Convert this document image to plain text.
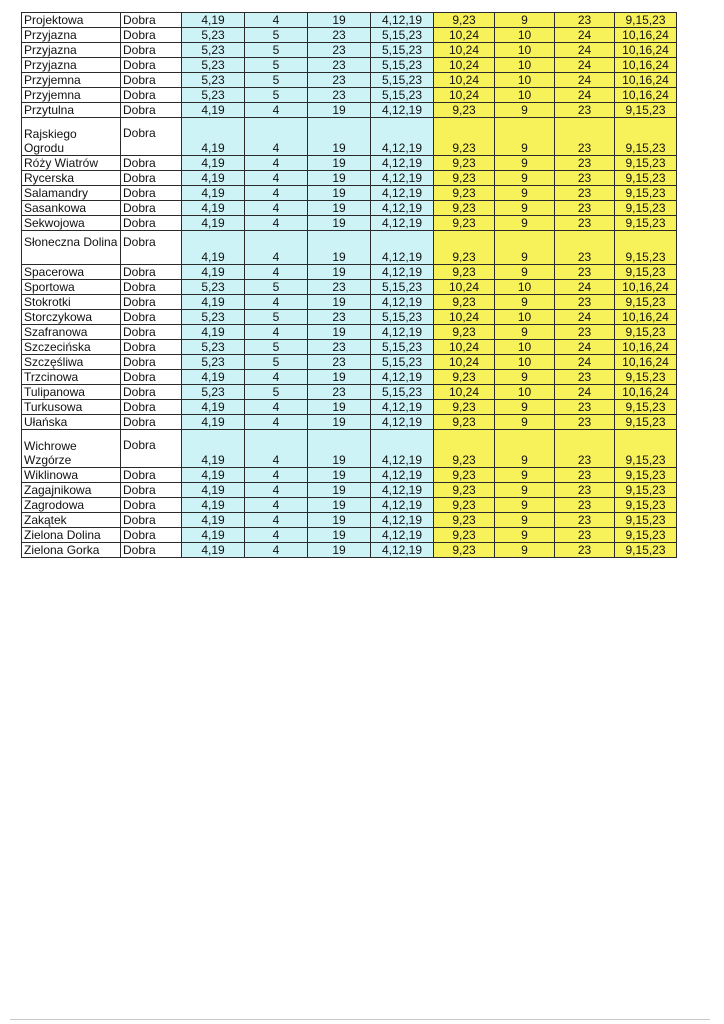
Projektowa	Dobra	4,19	4	19	4,12,19	9,23	9	23	9,15,23
Przyjazna	Dobra	5,23	5	23	5,15,23	10,24	10	24	10,16,24
Przyjazna	Dobra	5,23	5	23	5,15,23	10,24	10	24	10,16,24
Przyjazna	Dobra	5,23	5	23	5,15,23	10,24	10	24	10,16,24
Przyjemna	Dobra	5,23	5	23	5,15,23	10,24	10	24	10,16,24
Przyjemna	Dobra	5,23	5	23	5,15,23	10,24	10	24	10,16,24
Przytulna	Dobra	4,19	4	19	4,12,19	9,23	9	23	9,15,23
Rajskiego Ogrodu	Dobra	4,19	4	19	4,12,19	9,23	9	23	9,15,23
Róży Wiatrów	Dobra	4,19	4	19	4,12,19	9,23	9	23	9,15,23
Rycerska	Dobra	4,19	4	19	4,12,19	9,23	9	23	9,15,23
Salamandry	Dobra	4,19	4	19	4,12,19	9,23	9	23	9,15,23
Sasankowa	Dobra	4,19	4	19	4,12,19	9,23	9	23	9,15,23
Sekwojowa	Dobra	4,19	4	19	4,12,19	9,23	9	23	9,15,23
Słoneczna Dolina	Dobra	4,19	4	19	4,12,19	9,23	9	23	9,15,23
Spacerowa	Dobra	4,19	4	19	4,12,19	9,23	9	23	9,15,23
Sportowa	Dobra	5,23	5	23	5,15,23	10,24	10	24	10,16,24
Stokrotki	Dobra	4,19	4	19	4,12,19	9,23	9	23	9,15,23
Storczykowa	Dobra	5,23	5	23	5,15,23	10,24	10	24	10,16,24
Szafranowa	Dobra	4,19	4	19	4,12,19	9,23	9	23	9,15,23
Szczecińska	Dobra	5,23	5	23	5,15,23	10,24	10	24	10,16,24
Szczęśliwa	Dobra	5,23	5	23	5,15,23	10,24	10	24	10,16,24
Trzcinowa	Dobra	4,19	4	19	4,12,19	9,23	9	23	9,15,23
Tulipanowa	Dobra	5,23	5	23	5,15,23	10,24	10	24	10,16,24
Turkusowa	Dobra	4,19	4	19	4,12,19	9,23	9	23	9,15,23
Ułańska	Dobra	4,19	4	19	4,12,19	9,23	9	23	9,15,23
Wichrowe Wzgórze	Dobra	4,19	4	19	4,12,19	9,23	9	23	9,15,23
Wiklinowa	Dobra	4,19	4	19	4,12,19	9,23	9	23	9,15,23
Zagajnikowa	Dobra	4,19	4	19	4,12,19	9,23	9	23	9,15,23
Zagrodowa	Dobra	4,19	4	19	4,12,19	9,23	9	23	9,15,23
Zakątek	Dobra	4,19	4	19	4,12,19	9,23	9	23	9,15,23
Zielona Dolina	Dobra	4,19	4	19	4,12,19	9,23	9	23	9,15,23
Zielona Gorka	Dobra	4,19	4	19	4,12,19	9,23	9	23	9,15,23
